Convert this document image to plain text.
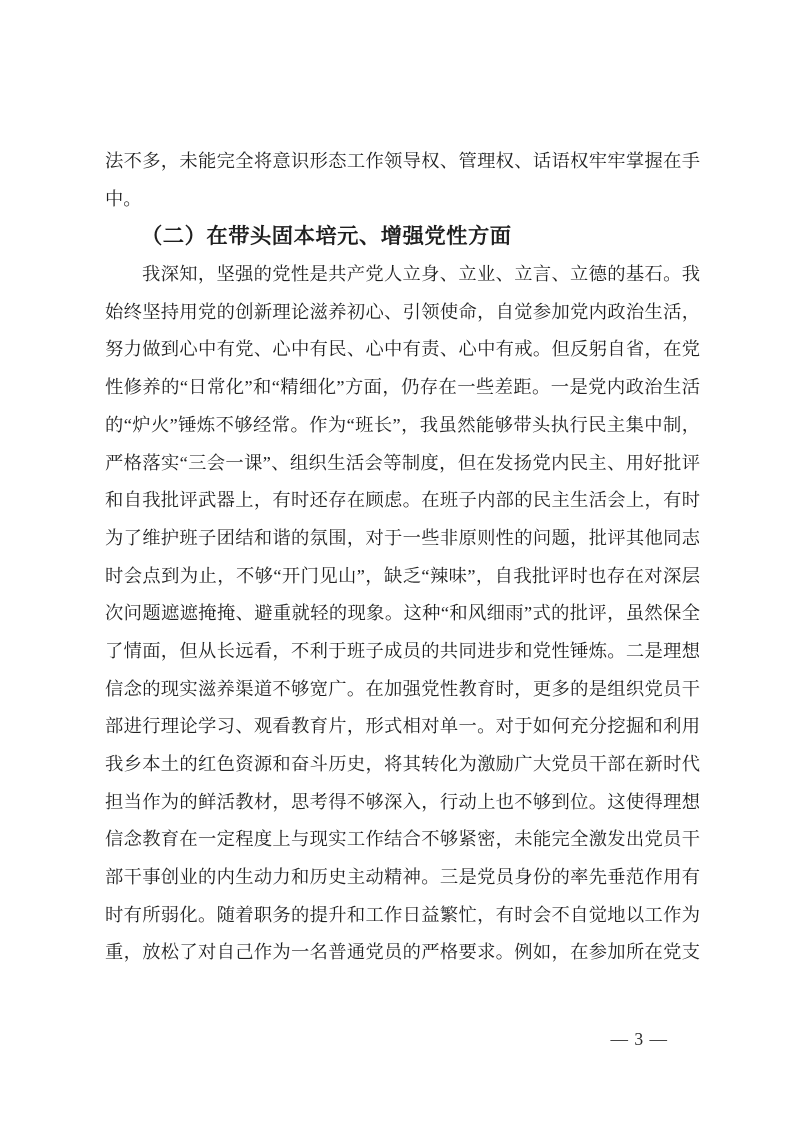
法不多，未能完全将意识形态工作领导权、管理权、话语权牢牢掌握在手
中。
（二）在带头固本培元、增强党性方面
我深知，坚强的党性是共产党人立身、立业、立言、立德的基石。我
始终坚持用党的创新理论滋养初心、引领使命，自觉参加党内政治生活，
努力做到心中有党、心中有民、心中有责、心中有戒。但反躬自省，在党
性修养的“日常化”和“精细化”方面，仍存在一些差距。一是党内政治生活
的“炉火”锤炼不够经常。作为“班长”，我虽然能够带头执行民主集中制，
严格落实“三会一课”、组织生活会等制度，但在发扬党内民主、用好批评
和自我批评武器上，有时还存在顾虑。在班子内部的民主生活会上，有时
为了维护班子团结和谐的氛围，对于一些非原则性的问题，批评其他同志
时会点到为止，不够“开门见山”，缺乏“辣味”，自我批评时也存在对深层
次问题遮遮掩掩、避重就轻的现象。这种“和风细雨”式的批评，虽然保全
了情面，但从长远看，不利于班子成员的共同进步和党性锤炼。二是理想
信念的现实滋养渠道不够宽广。在加强党性教育时，更多的是组织党员干
部进行理论学习、观看教育片，形式相对单一。对于如何充分挖掘和利用
我乡本土的红色资源和奋斗历史，将其转化为激励广大党员干部在新时代
担当作为的鲜活教材，思考得不够深入，行动上也不够到位。这使得理想
信念教育在一定程度上与现实工作结合不够紧密，未能完全激发出党员干
部干事创业的内生动力和历史主动精神。三是党员身份的率先垂范作用有
时有所弱化。随着职务的提升和工作日益繁忙，有时会不自觉地以工作为
重，放松了对自己作为一名普通党员的严格要求。例如，在参加所在党支
— 3 —
